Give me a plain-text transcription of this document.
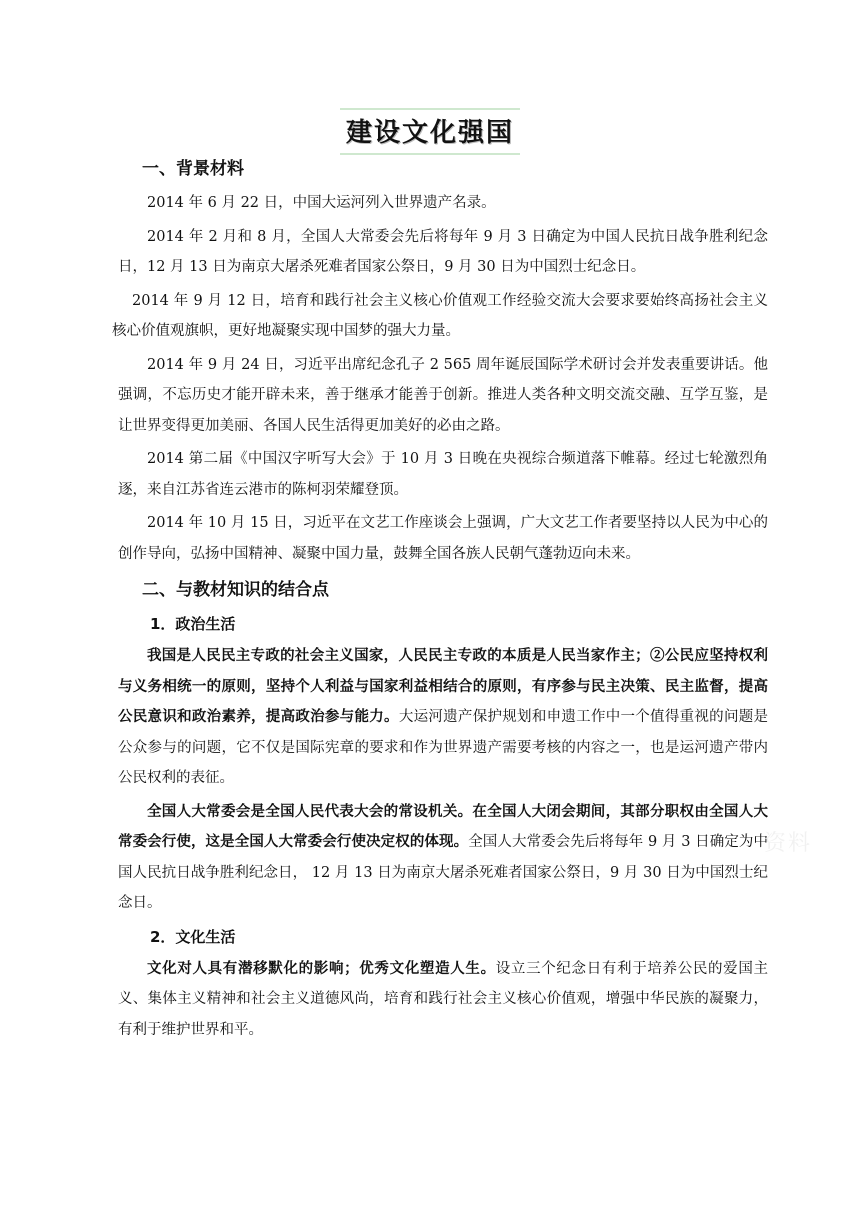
建设文化强国
一、背景材料

2014 年 6 月 22 日，中国大运河列入世界遗产名录。

2014 年 2 月和 8 月，全国人大常委会先后将每年 9 月 3 日确定为中国人民抗日战争胜利纪念日，12 月 13 日为南京大屠杀死难者国家公祭日，9 月 30 日为中国烈士纪念日。

2014 年 9 月 12 日，培育和践行社会主义核心价值观工作经验交流大会要求要始终高扬社会主义核心价值观旗帜，更好地凝聚实现中国梦的强大力量。

2014 年 9 月 24 日，习近平出席纪念孔子 2 565 周年诞辰国际学术研讨会并发表重要讲话。他强调，不忘历史才能开辟未来，善于继承才能善于创新。推进人类各种文明交流交融、互学互鉴，是让世界变得更加美丽、各国人民生活得更加美好的必由之路。

2014 第二届《中国汉字听写大会》于 10 月 3 日晚在央视综合频道落下帷幕。经过七轮激烈角逐，来自江苏省连云港市的陈柯羽荣耀登顶。

2014 年 10 月 15 日，习近平在文艺工作座谈会上强调，广大文艺工作者要坚持以人民为中心的创作导向，弘扬中国精神、凝聚中国力量，鼓舞全国各族人民朝气蓬勃迈向未来。

二、与教材知识的结合点
1．政治生活

我国是人民民主专政的社会主义国家，人民民主专政的本质是人民当家作主；②公民应坚持权利与义务相统一的原则，坚持个人利益与国家利益相结合的原则，有序参与民主决策、民主监督，提高公民意识和政治素养，提高政治参与能力。大运河遗产保护规划和申遗工作中一个值得重视的问题是公众参与的问题，它不仅是国际宪章的要求和作为世界遗产需要考核的内容之一，也是运河遗产带内公民权利的表征。

全国人大常委会是全国人民代表大会的常设机关。在全国人大闭会期间，其部分职权由全国人大常委会行使，这是全国人大常委会行使决定权的体现。全国人大常委会先后将每年 9 月 3 日确定为中国人民抗日战争胜利纪念日， 12 月 13 日为南京大屠杀死难者国家公祭日，9 月 30 日为中国烈士纪念日。

2．文化生活

文化对人具有潜移默化的影响；优秀文化塑造人生。设立三个纪念日有利于培养公民的爱国主义、集体主义精神和社会主义道德风尚，培育和践行社会主义核心价值观，增强中华民族的凝聚力，有利于维护世界和平。

资料
